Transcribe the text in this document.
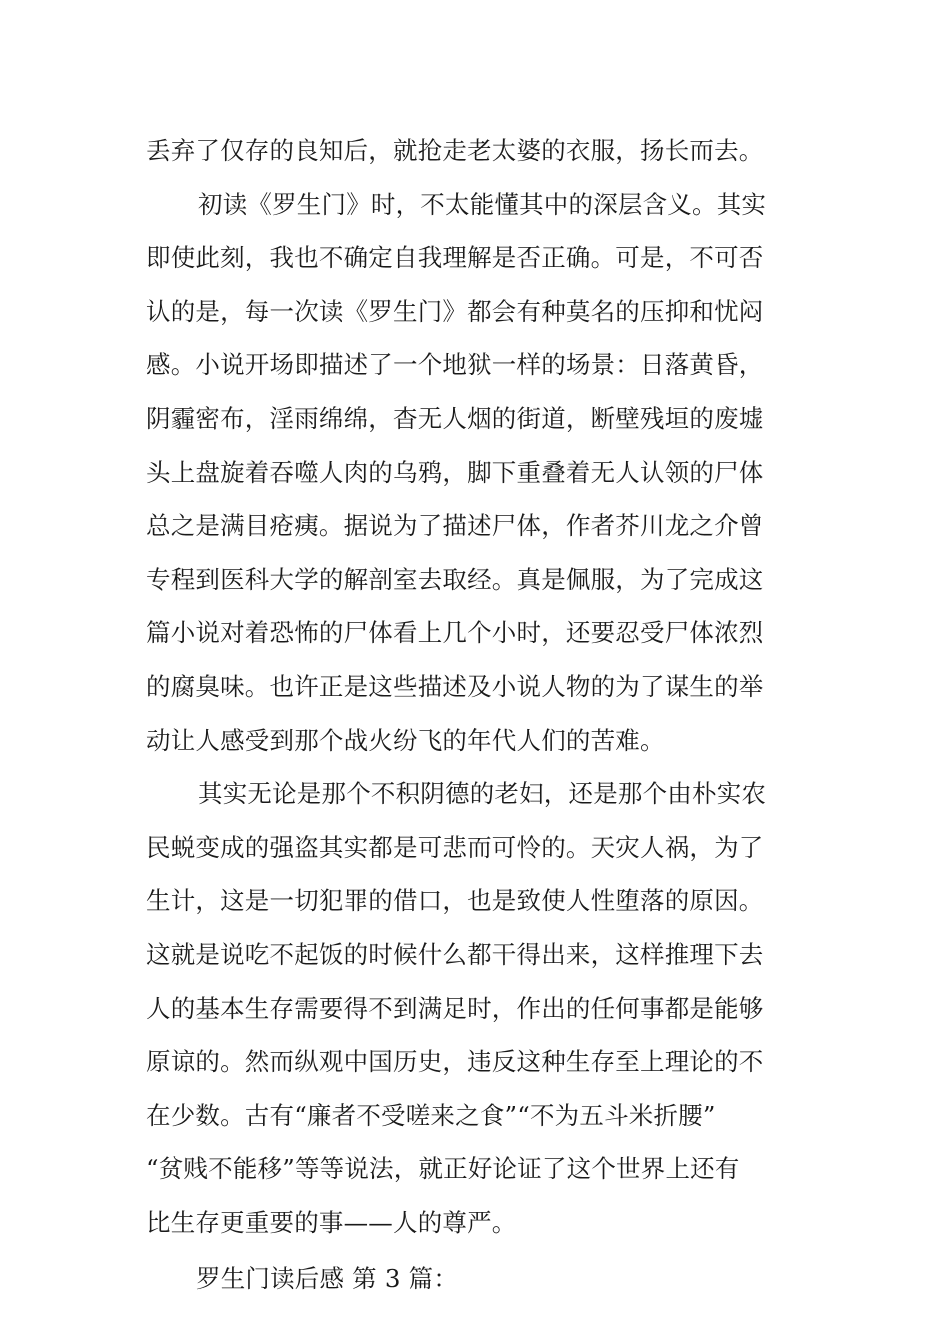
丢弃了仅存的良知后，就抢走老太婆的衣服，扬长而去。
初读《罗生门》时，不太能懂其中的深层含义。其实
即使此刻，我也不确定自我理解是否正确。可是，不可否
认的是，每一次读《罗生门》都会有种莫名的压抑和忧闷
感。小说开场即描述了一个地狱一样的场景：日落黄昏，
阴霾密布，淫雨绵绵，杳无人烟的街道，断壁残垣的废墟
头上盘旋着吞噬人肉的乌鸦，脚下重叠着无人认领的尸体
总之是满目疮痍。据说为了描述尸体，作者芥川龙之介曾
专程到医科大学的解剖室去取经。真是佩服，为了完成这
篇小说对着恐怖的尸体看上几个小时，还要忍受尸体浓烈
的腐臭味。也许正是这些描述及小说人物的为了谋生的举
动让人感受到那个战火纷飞的年代人们的苦难。
其实无论是那个不积阴德的老妇，还是那个由朴实农
民蜕变成的强盗其实都是可悲而可怜的。天灾人祸，为了
生计，这是一切犯罪的借口，也是致使人性堕落的原因。
这就是说吃不起饭的时候什么都干得出来，这样推理下去
人的基本生存需要得不到满足时，作出的任何事都是能够
原谅的。然而纵观中国历史，违反这种生存至上理论的不
在少数。古有“廉者不受嗟来之食”“不为五斗米折腰”
“贫贱不能移”等等说法，就正好论证了这个世界上还有
比生存更重要的事——人的尊严。
罗生门读后感 第 3 篇：
